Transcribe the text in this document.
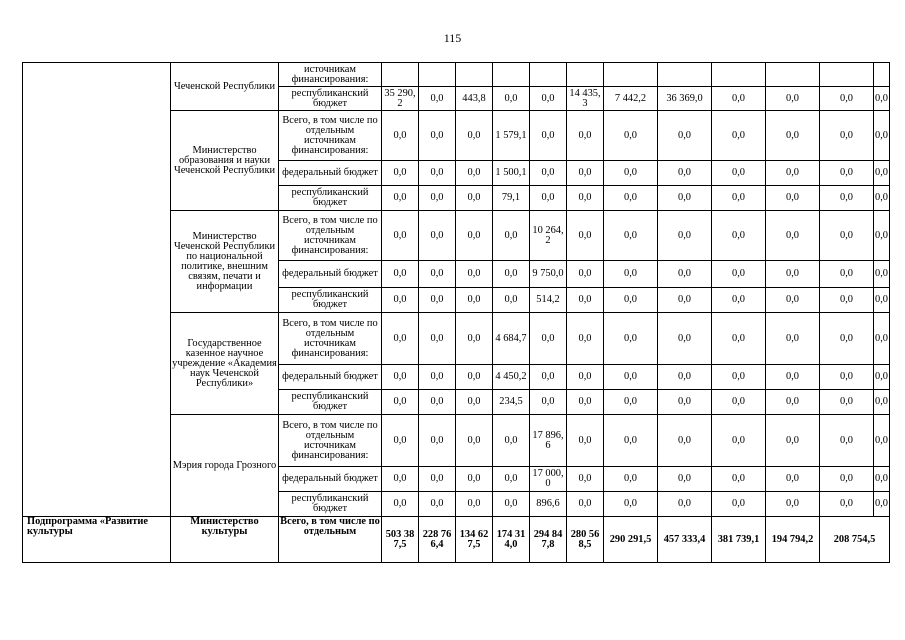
115
	Чеченской Республики	источникам финансирования:												
		республиканский бюджет	35 290,2	0,0	443,8	0,0	0,0	14 435,3	7 442,2	36 369,0	0,0	0,0	0,0	0,0
	Министерство образования и науки Чеченской Республики	Всего, в том числе по отдельным источникам финансирования:	0,0	0,0	0,0	1 579,1	0,0	0,0	0,0	0,0	0,0	0,0	0,0	0,0
		федеральный бюджет	0,0	0,0	0,0	1 500,1	0,0	0,0	0,0	0,0	0,0	0,0	0,0	0,0
		республиканский бюджет	0,0	0,0	0,0	79,1	0,0	0,0	0,0	0,0	0,0	0,0	0,0	0,0
	Министерство Чеченской Республики по национальной политике, внешним связям, печати и информации	Всего, в том числе по отдельным источникам финансирования:	0,0	0,0	0,0	0,0	10 264,2	0,0	0,0	0,0	0,0	0,0	0,0	0,0
		федеральный бюджет	0,0	0,0	0,0	0,0	9 750,0	0,0	0,0	0,0	0,0	0,0	0,0	0,0
		республиканский бюджет	0,0	0,0	0,0	0,0	514,2	0,0	0,0	0,0	0,0	0,0	0,0	0,0
	Государственное казенное научное учреждение «Академия наук Чеченской Республики»	Всего, в том числе по отдельным источникам финансирования:	0,0	0,0	0,0	4 684,7	0,0	0,0	0,0	0,0	0,0	0,0	0,0	0,0
		федеральный бюджет	0,0	0,0	0,0	4 450,2	0,0	0,0	0,0	0,0	0,0	0,0	0,0	0,0
		республиканский бюджет	0,0	0,0	0,0	234,5	0,0	0,0	0,0	0,0	0,0	0,0	0,0	0,0
	Мэрия города Грозного	Всего, в том числе по отдельным источникам финансирования:	0,0	0,0	0,0	0,0	17 896,6	0,0	0,0	0,0	0,0	0,0	0,0	0,0
		федеральный бюджет	0,0	0,0	0,0	0,0	17 000,0	0,0	0,0	0,0	0,0	0,0	0,0	0,0
		республиканский бюджет	0,0	0,0	0,0	0,0	896,6	0,0	0,0	0,0	0,0	0,0	0,0	0,0
Подпрограмма «Развитие культуры	Министерство культуры	Всего, в том числе по отдельным	503 387,5	228 766,4	134 627,5	174 314,0	294 847,8	280 568,5	290 291,5	457 333,4	381 739,1	194 794,2	208 754,5	
